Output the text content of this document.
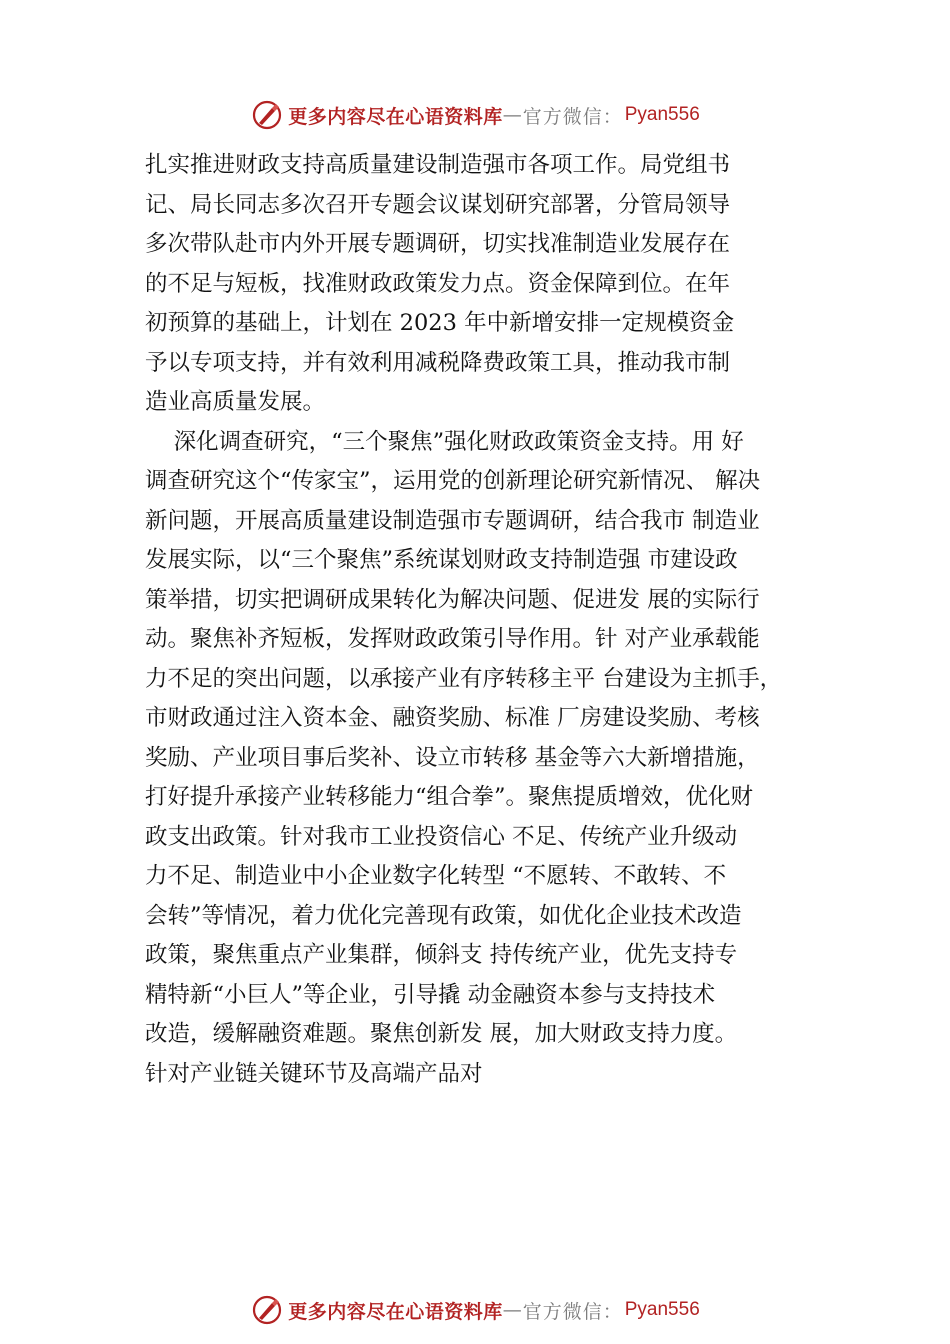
更多内容尽在心语资料库 — 官方微信： Pyan556
扎实推进财政支持高质量建设制造强市各项工作。局党组书
记、局长同志多次召开专题会议谋划研究部署，分管局领导
多次带队赴市内外开展专题调研，切实找准制造业发展存在
的不足与短板，找准财政政策发力点。资金保障到位。在年
初预算的基础上，计划在 2023 年中新增安排一定规模资金
予以专项支持，并有效利用减税降费政策工具，推动我市制
造业高质量发展。
深化调查研究，“三个聚焦”强化财政政策资金支持。用 好
调查研究这个“传家宝”，运用党的创新理论研究新情况、 解决
新问题，开展高质量建设制造强市专题调研，结合我市 制造业
发展实际，以“三个聚焦”系统谋划财政支持制造强 市建设政
策举措，切实把调研成果转化为解决问题、促进发 展的实际行
动。聚焦补齐短板，发挥财政政策引导作用。针 对产业承载能
力不足的突出问题，以承接产业有序转移主平 台建设为主抓手，
市财政通过注入资本金、融资奖励、标准 厂房建设奖励、考核
奖励、产业项目事后奖补、设立市转移 基金等六大新增措施，
打好提升承接产业转移能力“组合拳”。聚焦提质增效，优化财
政支出政策。针对我市工业投资信心 不足、传统产业升级动
力不足、制造业中小企业数字化转型 “不愿转、不敢转、不
会转”等情况，着力优化完善现有政策，如优化企业技术改造
政策，聚焦重点产业集群，倾斜支 持传统产业，优先支持专
精特新“小巨人”等企业，引导撬 动金融资本参与支持技术
改造，缓解融资难题。聚焦创新发 展，加大财政支持力度。
针对产业链关键环节及高端产品对
更多内容尽在心语资料库 — 官方微信： Pyan556
